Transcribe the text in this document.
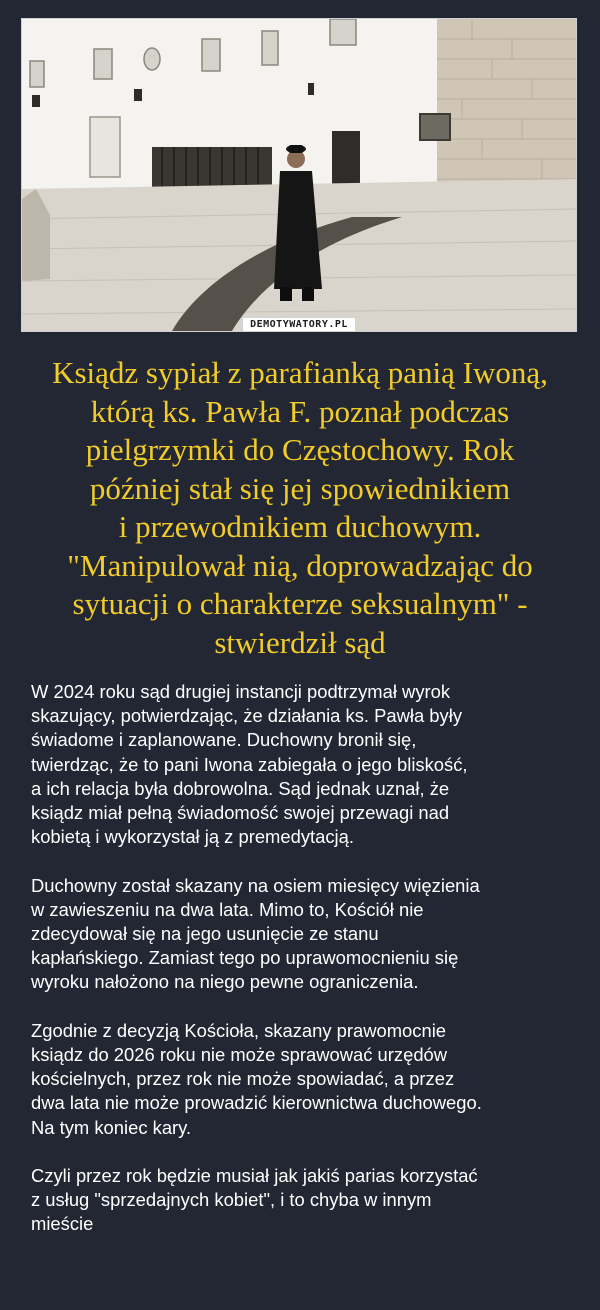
DEMOTYWATORY.PL
Ksiądz sypiał z parafianką panią Iwoną,
którą ks. Pawła F. poznał podczas
pielgrzymki do Częstochowy. Rok
później stał się jej spowiednikiem
i przewodnikiem duchowym.
"Manipulował nią, doprowadzając do
sytuacji o charakterze seksualnym" -
stwierdził sąd

W 2024 roku sąd drugiej instancji podtrzymał wyrok
skazujący, potwierdzając, że działania ks. Pawła były
świadome i zaplanowane. Duchowny bronił się,
twierdząc, że to pani Iwona zabiegała o jego bliskość,
a ich relacja była dobrowolna. Sąd jednak uznał, że
ksiądz miał pełną świadomość swojej przewagi nad
kobietą i wykorzystał ją z premedytacją.

Duchowny został skazany na osiem miesięcy więzienia
w zawieszeniu na dwa lata. Mimo to, Kościół nie
zdecydował się na jego usunięcie ze stanu
kapłańskiego. Zamiast tego po uprawomocnieniu się
wyroku nałożono na niego pewne ograniczenia.

Zgodnie z decyzją Kościoła, skazany prawomocnie
ksiądz do 2026 roku nie może sprawować urzędów
kościelnych, przez rok nie może spowiadać, a przez
dwa lata nie może prowadzić kierownictwa duchowego.
Na tym koniec kary.

Czyli przez rok będzie musiał jak jakiś parias korzystać
z usług "sprzedajnych kobiet", i to chyba w innym
mieście
